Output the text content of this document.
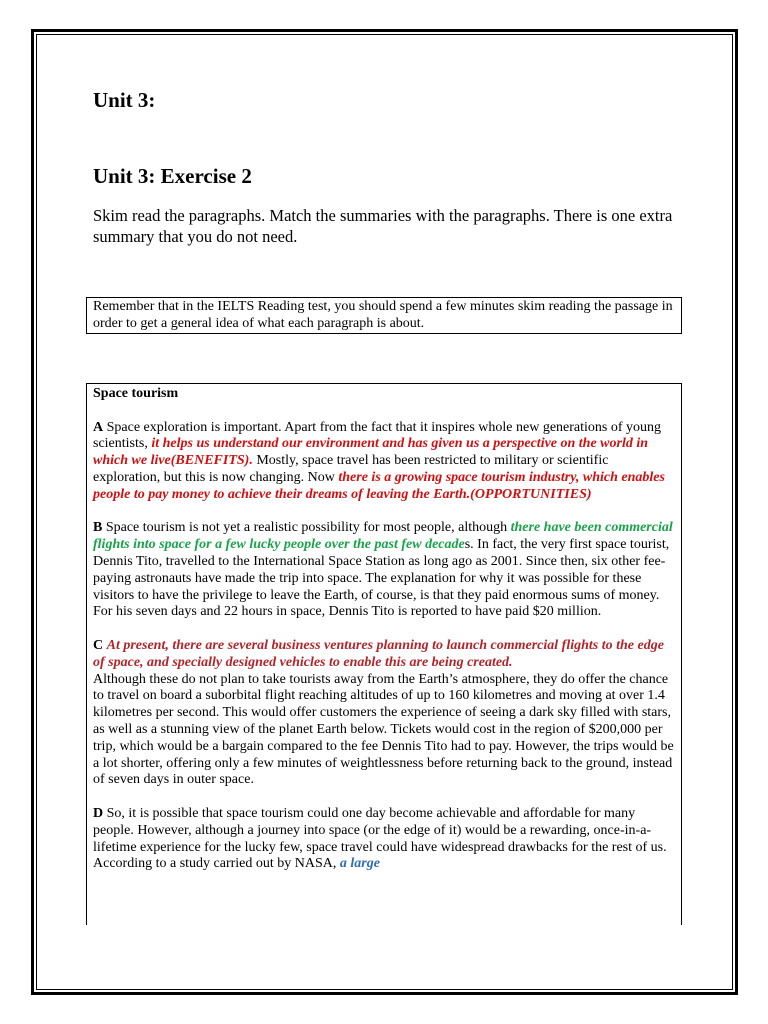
Unit 3:
Unit 3: Exercise 2

Skim read the paragraphs. Match the summaries with the paragraphs. There is one extra summary that you do not need.

Remember that in the IELTS Reading test, you should spend a few minutes skim reading the passage in order to get a general idea of what each paragraph is about.

Space tourism

A Space exploration is important. Apart from the fact that it inspires whole new generations of young scientists, it helps us understand our environment and has given us a perspective on the world in which we live(BENEFITS). Mostly, space travel has been restricted to military or scientific exploration, but this is now changing. Now there is a growing space tourism industry, which enables people to pay money to achieve their dreams of leaving the Earth.(OPPORTUNITIES)

B Space tourism is not yet a realistic possibility for most people, although there have been commercial flights into space for a few lucky people over the past few decades. In fact, the very first space tourist, Dennis Tito, travelled to the International Space Station as long ago as 2001. Since then, six other fee-paying astronauts have made the trip into space. The explanation for why it was possible for these visitors to have the privilege to leave the Earth, of course, is that they paid enormous sums of money. For his seven days and 22 hours in space, Dennis Tito is reported to have paid $20 million.

C At present, there are several business ventures planning to launch commercial flights to the edge of space, and specially designed vehicles to enable this are being created.
Although these do not plan to take tourists away from the Earth’s atmosphere, they do offer the chance to travel on board a suborbital flight reaching altitudes of up to 160 kilometres and moving at over 1.4 kilometres per second. This would offer customers the experience of seeing a dark sky filled with stars, as well as a stunning view of the planet Earth below. Tickets would cost in the region of $200,000 per trip, which would be a bargain compared to the fee Dennis Tito had to pay. However, the trips would be a lot shorter, offering only a few minutes of weightlessness before returning back to the ground, instead of seven days in outer space.

D So, it is possible that space tourism could one day become achievable and affordable for many people. However, although a journey into space (or the edge of it) would be a rewarding, once-in-a-lifetime experience for the lucky few, space travel could have widespread drawbacks for the rest of us. According to a study carried out by NASA, a large
